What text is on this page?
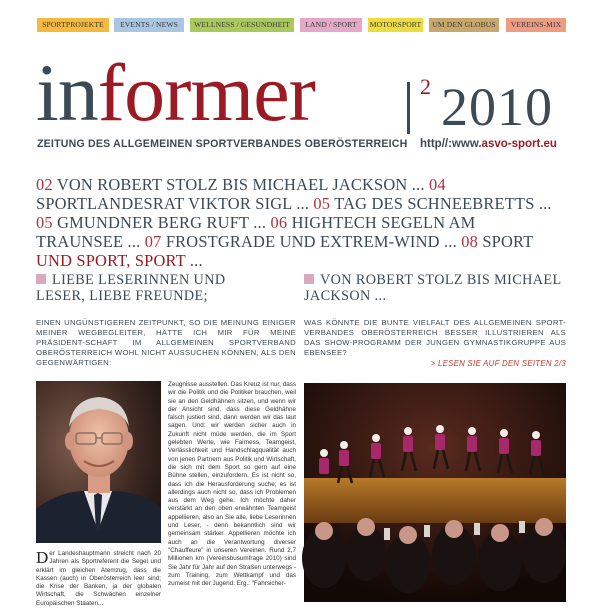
SPORTPROJEKTE	EVENTS / NEWS	WELLNESS / GESUNDHEIT	LAND / SPORT	MOTORSPORT	UM DEN GLOBUS	VEREINS-MIX
informer	2 2010
ZEITUNG DES ALLGEMEINEN SPORTVERBANDES OBERÖSTERREICH http//:www.asvo-sport.eu
02 VON ROBERT STOLZ BIS MICHAEL JACKSON ... 04 SPORTLANDESRAT VIKTOR SIGL ... 05 TAG DES SCHNEEBRETTS ... 05 GMUNDNER BERG RUFT ... 06 HIGHTECH SEGELN AM TRAUNSEE ... 07 FROSTGRADE UND EXTREM-WIND ... 08 SPORT UND SPORT, SPORT ...
LIEBE LESERINNEN UND LESER, LIEBE FREUNDE;
VON ROBERT STOLZ BIS MICHAEL JACKSON ...
EINEN UNGÜNSTIGEREN ZEITPUNKT, SO DIE MEINUNG EINIGER MEINER WEGBEGLEITER, HÄTTE ICH MIR FÜR MEINE PRÄSIDENT-SCHAFT IM ALLGEMEINEN SPORTVERBAND OBERÖSTERREICH WOHL NICHT AUSSUCHEN KÖNNEN, ALS DEN GEGENWÄRTIGEN:
WAS KÖNNTE DIE BUNTE VIELFALT DES ALLGEMEINEN SPORT-VERBANDES OBERÖSTERREICH BESSER ILLUSTRIEREN ALS DAS SHOW-PROGRAMM DER JUNGEN GYMNASTIKGRUPPE AUS EBENSEE?
> LESEN SIE AUF DEN SEITEN 2/3
Zeugnisse ausstellen. Das Kreuz ist nur, dass wir die Politik und die Politiker brauchen, weil sie an den Geldhähnen sitzen, und wenn wir der Ansicht sind, dass diese Geldhähne falsch justiert sind, dann werden wir das laut sagen. Und: wir werden sicher auch in Zukunft nicht müde werden, die im Sport gelebten Werte, wie Fairness, Teamgeist, Verlässlichkeit und Handschlagqualität auch von jenen Partnern aus Politik und Wirtschaft, die sich mit dem Sport so gern auf eine Bühne stellen, einzufordern. Es ist nicht so, dass ich die Herausforderung suche; es ist allerdings auch nicht so, dass ich Problemen aus dem Weg gehe. Ich möchte daher verstärkt an den oben erwähnten Teamgeist appellieren, also an Sie alle, liebe Leserinnen und Leser, - denn bekanntlich sind wir gemeinsam stärker. Appellieren möchte ich auch an die Verantwortung diverser "Chauffeure" in unseren Vereinen. Rund 2,7 Millionen km (Vereinsbusumfrage 2010) sind Sie Jahr für Jahr auf den Straßen unterwegs - zum Training, zum Wettkampf und das zumeist mit der Jugend. Erg.: "Fahrsicher-
Der Landeshauptmann streicht nach 20 Jahren als Sportreferent die Segel und erklärt im gleichen Atemzug, dass die Kassen (auch) in Oberösterreich leer sind; die Krise der Banken, ja der globalen Wirtschaft, die Schwächen einzelner Europäischen Staaten...
